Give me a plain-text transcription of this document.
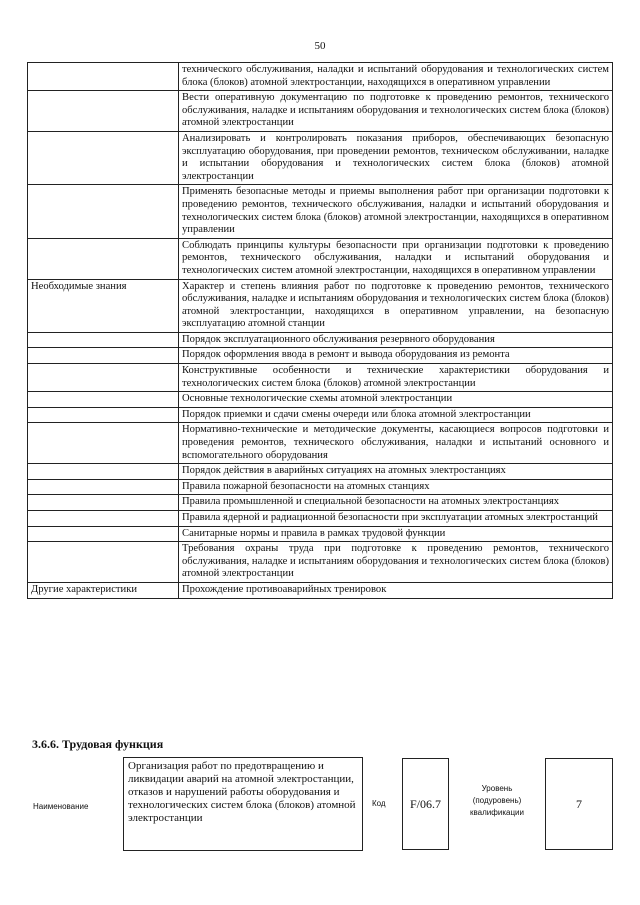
50
	технического обслуживания, наладки и испытаний оборудования и технологических систем блока (блоков) атомной электростанции, находящихся в оперативном управлении
	Вести оперативную документацию по подготовке к проведению ремонтов, технического обслуживания, наладке и испытаниям оборудования и технологических систем блока (блоков) атомной электростанции
	Анализировать и контролировать показания приборов, обеспечивающих безопасную эксплуатацию оборудования, при проведении ремонтов, техническом обслуживании, наладке и испытании оборудования и технологических систем блока (блоков) атомной электростанции
	Применять безопасные методы и приемы выполнения работ при организации подготовки к проведению ремонтов, технического обслуживания, наладки и испытаний оборудования и технологических систем блока (блоков) атомной электростанции, находящихся в оперативном управлении
	Соблюдать принципы культуры безопасности при организации подготовки к проведению ремонтов, технического обслуживания, наладки и испытаний оборудования и технологических систем атомной электростанции, находящихся в оперативном управлении
Необходимые знания	Характер и степень влияния работ по подготовке к проведению ремонтов, технического обслуживания, наладке и испытаниям оборудования и технологических систем блока (блоков) атомной электростанции, находящихся в оперативном управлении, на безопасную эксплуатацию атомной станции
	Порядок эксплуатационного обслуживания резервного оборудования
	Порядок оформления ввода в ремонт и вывода оборудования из ремонта
	Конструктивные особенности и технические характеристики оборудования и технологических систем блока (блоков) атомной электростанции
	Основные технологические схемы атомной электростанции
	Порядок приемки и сдачи смены очереди или блока атомной электростанции
	Нормативно-технические и методические документы, касающиеся вопросов подготовки и проведения ремонтов, технического обслуживания, наладки и испытаний основного и вспомогательного оборудования
	Порядок действия в аварийных ситуациях на атомных электростанциях
	Правила пожарной безопасности на атомных станциях
	Правила промышленной и специальной безопасности на атомных электростанциях
	Правила ядерной и радиационной безопасности при эксплуатации атомных электростанций
	Санитарные нормы и правила в рамках трудовой функции
	Требования охраны труда при подготовке к проведению ремонтов, технического обслуживания, наладке и испытаниям оборудования и технологических систем блока (блоков) атомной электростанции
Другие характеристики	Прохождение противоаварийных тренировок
3.6.6. Трудовая функция
Наименование
Организация работ по предотвращению и ликвидации аварий на атомной электростанции, отказов и нарушений работы оборудования и технологических систем блока (блоков) атомной электростанции
Код F/06.7
Уровень (подуровень) квалификации
7
